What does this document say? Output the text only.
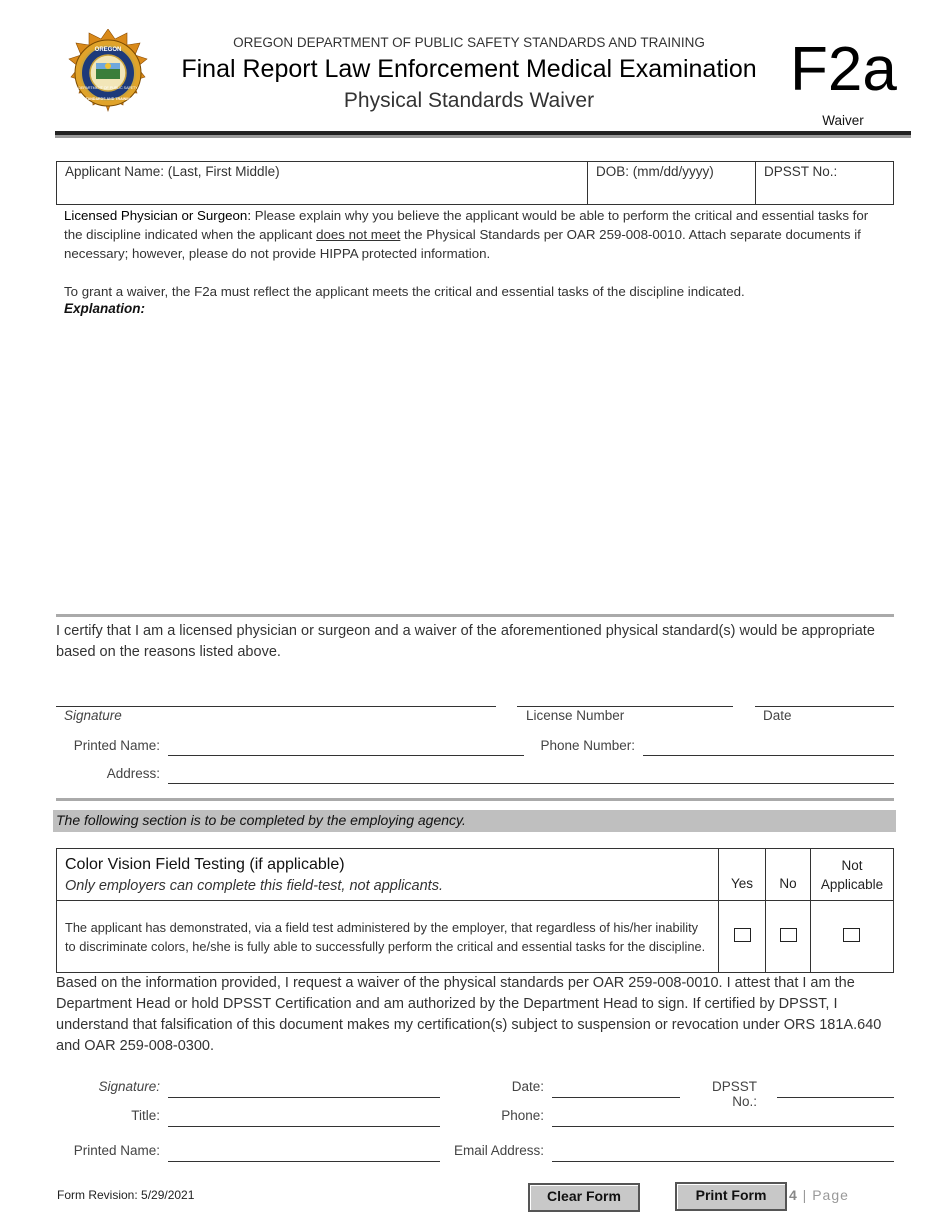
OREGON
DEPARTMENT OF PUBLIC SAFETY
STANDARDS AND TRAINING
OREGON DEPARTMENT OF PUBLIC SAFETY STANDARDS AND TRAINING
Final Report Law Enforcement Medical Examination
Physical Standards Waiver	F2a
Waiver
Applicant Name: (Last, First Middle)	DOB: (mm/dd/yyyy)	DPSST No.:
Licensed Physician or Surgeon: Please explain why you believe the applicant would be able to perform the critical and essential tasks for the discipline indicated when the applicant does not meet the Physical Standards per OAR 259-008-0010. Attach separate documents if necessary; however, please do not provide HIPPA protected information.
To grant a waiver, the F2a must reflect the applicant meets the critical and essential tasks of the discipline indicated.
Explanation:
I certify that I am a licensed physician or surgeon and a waiver of the aforementioned physical standard(s) would be appropriate based on the reasons listed above.
Signature	License Number	Date
Printed Name:	Phone Number:
Address:
The following section is to be completed by the employing agency.
Color Vision Field Testing (if applicable)
Only employers can complete this field-test, not applicants.	Yes	No	Not Applicable
The applicant has demonstrated, via a field test administered by the employer, that regardless of his/her inability to discriminate colors, he/she is fully able to successfully perform the critical and essential tasks for the discipline.			
Based on the information provided, I request a waiver of the physical standards per OAR 259-008-0010. I attest that I am the Department Head or hold DPSST Certification and am authorized by the Department Head to sign. If certified by DPSST, I understand that falsification of this document makes my certification(s) subject to suspension or revocation under ORS 181A.640 and OAR 259-008-0300.
Signature:	Date:	DPSST No.:
Title:	Phone:
Printed Name:	Email Address:
Form Revision: 5/29/2021	Clear Form	Print Form	4 | Page
